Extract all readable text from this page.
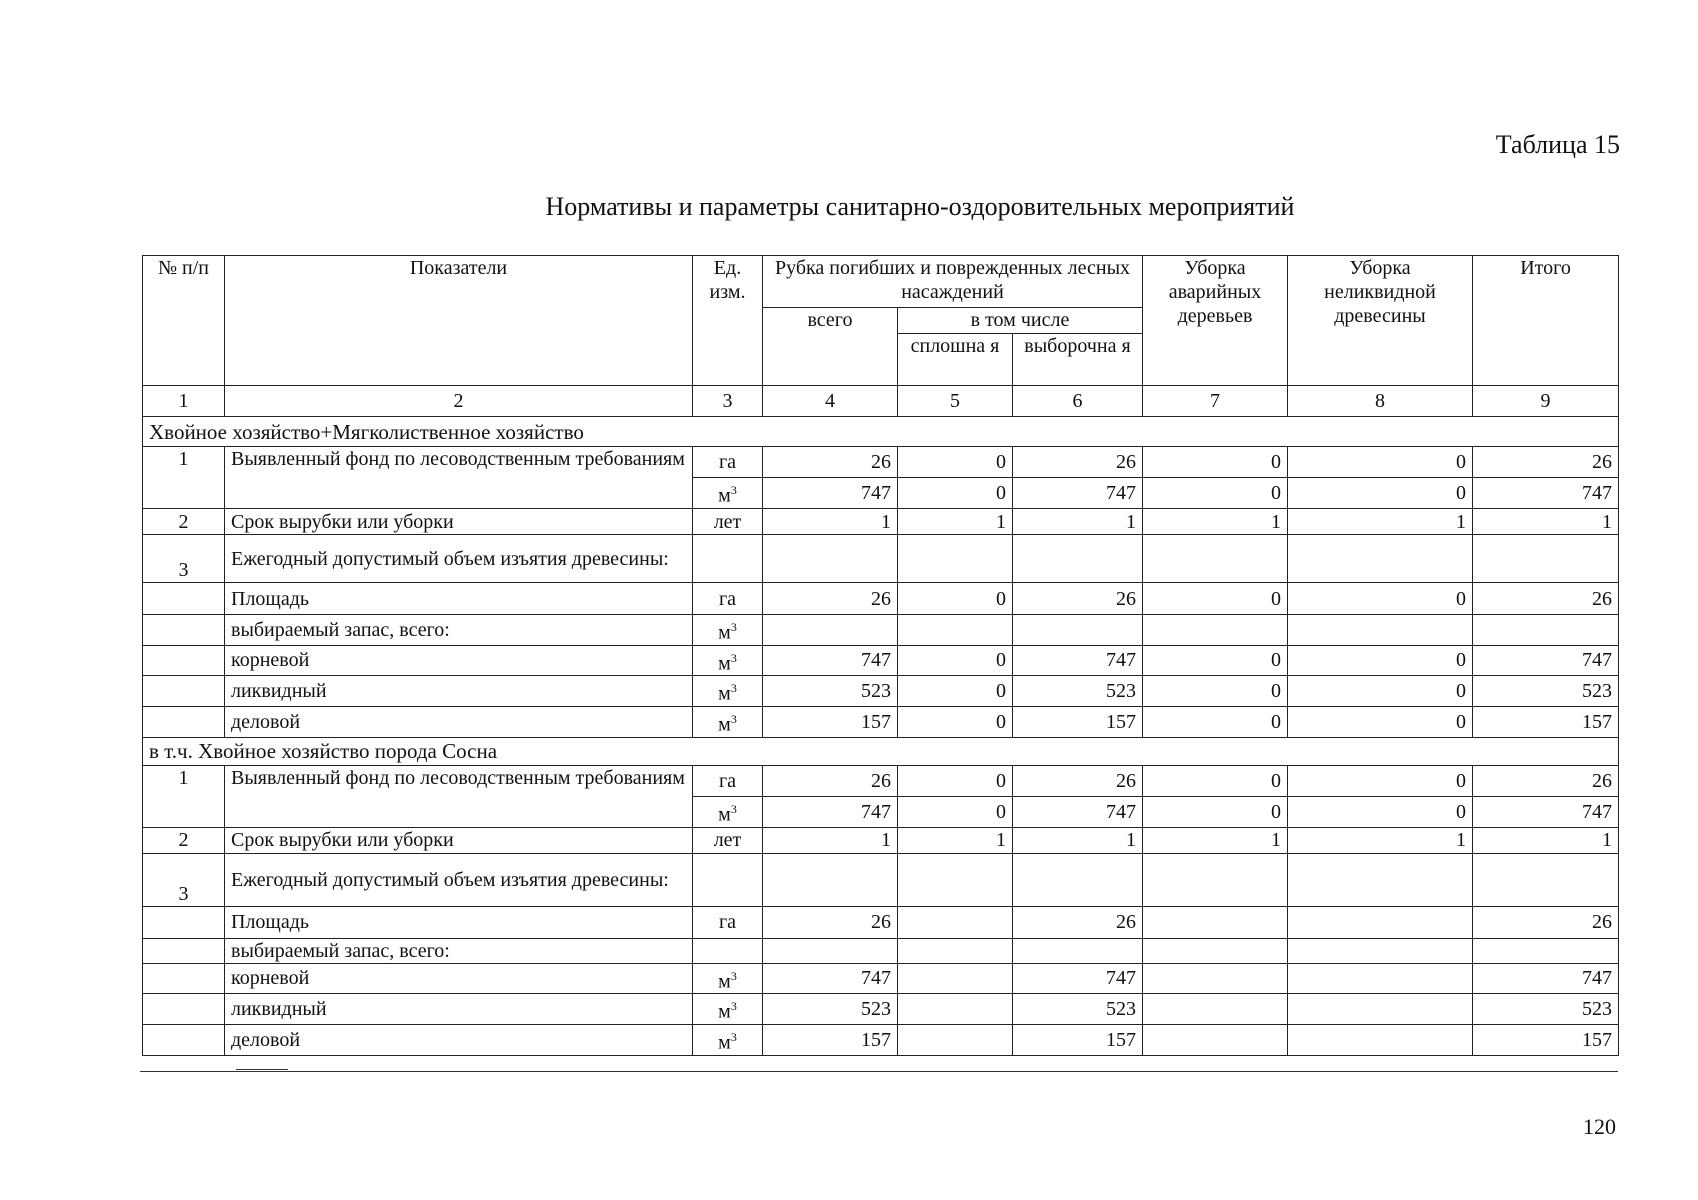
Таблица 15
Нормативы и параметры санитарно-оздоровительных мероприятий
№ п/п	Показатели	Ед. изм.	Рубка погибших и поврежденных лесных насаждений			Уборка аварийных деревьев	Уборка неликвидной древесины	Итого
			всего	в том числе				
				сплошна я	выборочна я			
1	2	3	4	5	6	7	8	9
Хвойное хозяйство+Мягколиственное хозяйство								
1	Выявленный фонд по лесоводственным требованиям	га	26	0	26	0	0	26
		$м^3$	747	0	747	0	0	747
2	Срок вырубки или уборки	лет	1	1	1	1	1	1
3	Ежегодный допустимый объем изъятия древесины:							
	Площадь	га	26	0	26	0	0	26
	выбираемый запас, всего:	$м^3$						
	корневой	$м^3$	747	0	747	0	0	747
	ликвидный	$м^3$	523	0	523	0	0	523
	деловой	$м^3$	157	0	157	0	0	157
в т.ч. Хвойное хозяйство порода Сосна								
1	Выявленный фонд по лесоводственным требованиям	га	26	0	26	0	0	26
		$м^3$	747	0	747	0	0	747
2	Срок вырубки или уборки	лет	1	1	1	1	1	1
3	Ежегодный допустимый объем изъятия древесины:							
	Площадь	га	26		26			26
	выбираемый запас, всего:							
	корневой	$м^3$	747		747			747
	ликвидный	$м^3$	523		523			523
	деловой	$м^3$	157		157			157
120
